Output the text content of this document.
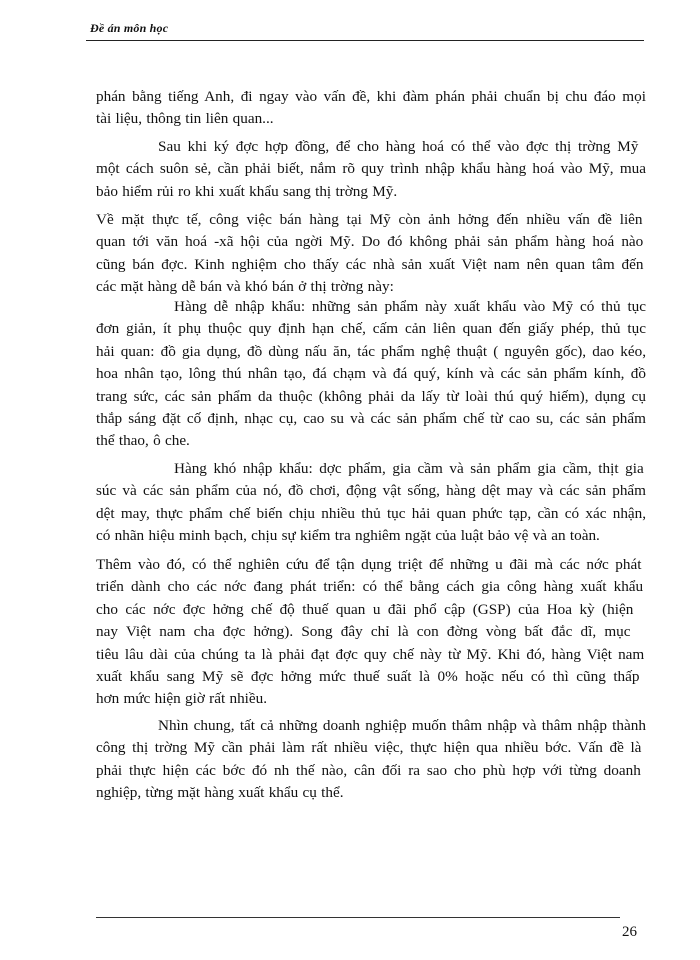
Đề án môn học
phán bằng tiếng Anh, đi ngay vào vấn đề, khi đàm phán phải chuẩn bị chu đáo mọi
tài liệu, thông tin liên quan...
Sau khi ký đợc hợp đồng, để cho hàng hoá có thể vào đợc thị trờng Mỹ
một cách suôn sẻ, cần phải biết, nắm rõ quy trình nhập khẩu hàng hoá vào Mỹ, mua
bảo hiểm rủi ro khi xuất khẩu sang thị trờng Mỹ.
Về mặt thực tế, công việc bán hàng tại Mỹ còn ảnh hởng đến nhiều vấn đề liên
quan tới văn hoá -xã hội của ngời Mỹ. Do đó không phải sản phẩm hàng hoá nào
cũng bán đợc. Kinh nghiệm cho thấy các nhà sản xuất Việt nam nên quan tâm đến
các mặt hàng dễ bán và khó bán ở thị trờng này:
Hàng dễ nhập khẩu: những sản phẩm này xuất khẩu vào Mỹ có thủ tục
đơn giản, ít phụ thuộc quy định hạn chế, cấm cản liên quan đến giấy phép, thủ tục
hải quan: đồ gia dụng, đồ dùng nấu ăn, tác phẩm nghệ thuật ( nguyên gốc), dao kéo,
hoa nhân tạo, lông thú nhân tạo, đá chạm và đá quý, kính và các sản phẩm kính, đồ
trang sức, các sản phẩm da thuộc (không phải da lấy từ loài thú quý hiếm), dụng cụ
thắp sáng đặt cố định, nhạc cụ, cao su và các sản phẩm chế từ cao su, các sản phẩm
thể thao, ô che.
Hàng khó nhập khẩu: dợc phẩm, gia cầm và sản phẩm gia cầm, thịt gia
súc và các sản phẩm của nó, đồ chơi, động vật sống, hàng dệt may và các sản phẩm
dệt may, thực phẩm chế biến chịu nhiều thủ tục hải quan phức tạp, cần có xác nhận,
có nhãn hiệu minh bạch, chịu sự kiểm tra nghiêm ngặt của luật bảo vệ và an toàn.
Thêm vào đó, có thể nghiên cứu để tận dụng triệt để những u đãi mà các nớc phát
triển dành cho các nớc đang phát triển: có thể bằng cách gia công hàng xuất khẩu
cho các nớc đợc hởng chế độ thuế quan u đãi phổ cập (GSP) của Hoa kỳ (hiện
nay Việt nam cha đợc hởng). Song đây chỉ là con đờng vòng bất đắc dĩ, mục
tiêu lâu dài của chúng ta là phải đạt đợc quy chế này từ Mỹ. Khi đó, hàng Việt nam
xuất khẩu sang Mỹ sẽ đợc hởng mức thuế suất là 0% hoặc nếu có thì cũng thấp
hơn mức hiện giờ rất nhiều.
Nhìn chung, tất cả những doanh nghiệp muốn thâm nhập và thâm nhập thành
công thị trờng Mỹ cần phải làm rất nhiều việc, thực hiện qua nhiều bớc. Vấn đề là
phải thực hiện các bớc đó nh thế nào, cân đối ra sao cho phù hợp với từng doanh
nghiệp, từng mặt hàng xuất khẩu cụ thể.
26
